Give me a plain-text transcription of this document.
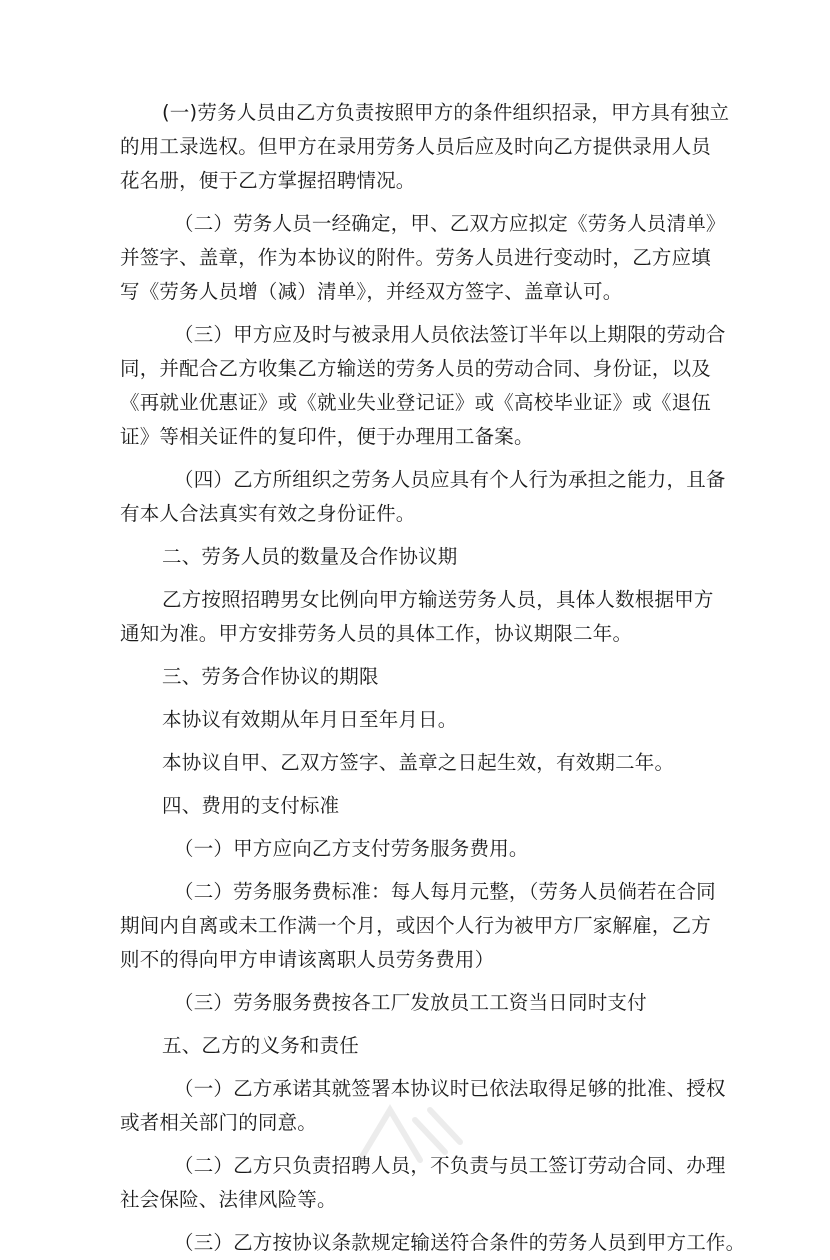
(一)劳务人员由乙方负责按照甲方的条件组织招录，甲方具有独立
的用工录选权。但甲方在录用劳务人员后应及时向乙方提供录用人员
花名册，便于乙方掌握招聘情况。
（二）劳务人员一经确定，甲、乙双方应拟定《劳务人员清单》
并签字、盖章，作为本协议的附件。劳务人员进行变动时，乙方应填
写《劳务人员增（减）清单》，并经双方签字、盖章认可。
（三）甲方应及时与被录用人员依法签订半年以上期限的劳动合
同，并配合乙方收集乙方输送的劳务人员的劳动合同、身份证，以及
《再就业优惠证》或《就业失业登记证》或《高校毕业证》或《退伍
证》等相关证件的复印件，便于办理用工备案。
（四）乙方所组织之劳务人员应具有个人行为承担之能力，且备
有本人合法真实有效之身份证件。
二、劳务人员的数量及合作协议期
乙方按照招聘男女比例向甲方输送劳务人员，具体人数根据甲方
通知为准。甲方安排劳务人员的具体工作，协议期限二年。
三、劳务合作协议的期限
本协议有效期从年月日至年月日。
本协议自甲、乙双方签字、盖章之日起生效，有效期二年。
四、费用的支付标准
（一）甲方应向乙方支付劳务服务费用。
（二）劳务服务费标准：每人每月元整，（劳务人员倘若在合同
期间内自离或未工作满一个月，或因个人行为被甲方厂家解雇，乙方
则不的得向甲方申请该离职人员劳务费用）
（三）劳务服务费按各工厂发放员工工资当日同时支付
五、乙方的义务和责任
（一）乙方承诺其就签署本协议时已依法取得足够的批准、授权
或者相关部门的同意。
（二）乙方只负责招聘人员，不负责与员工签订劳动合同、办理
社会保险、法律风险等。
（三）乙方按协议条款规定输送符合条件的劳务人员到甲方工作。
